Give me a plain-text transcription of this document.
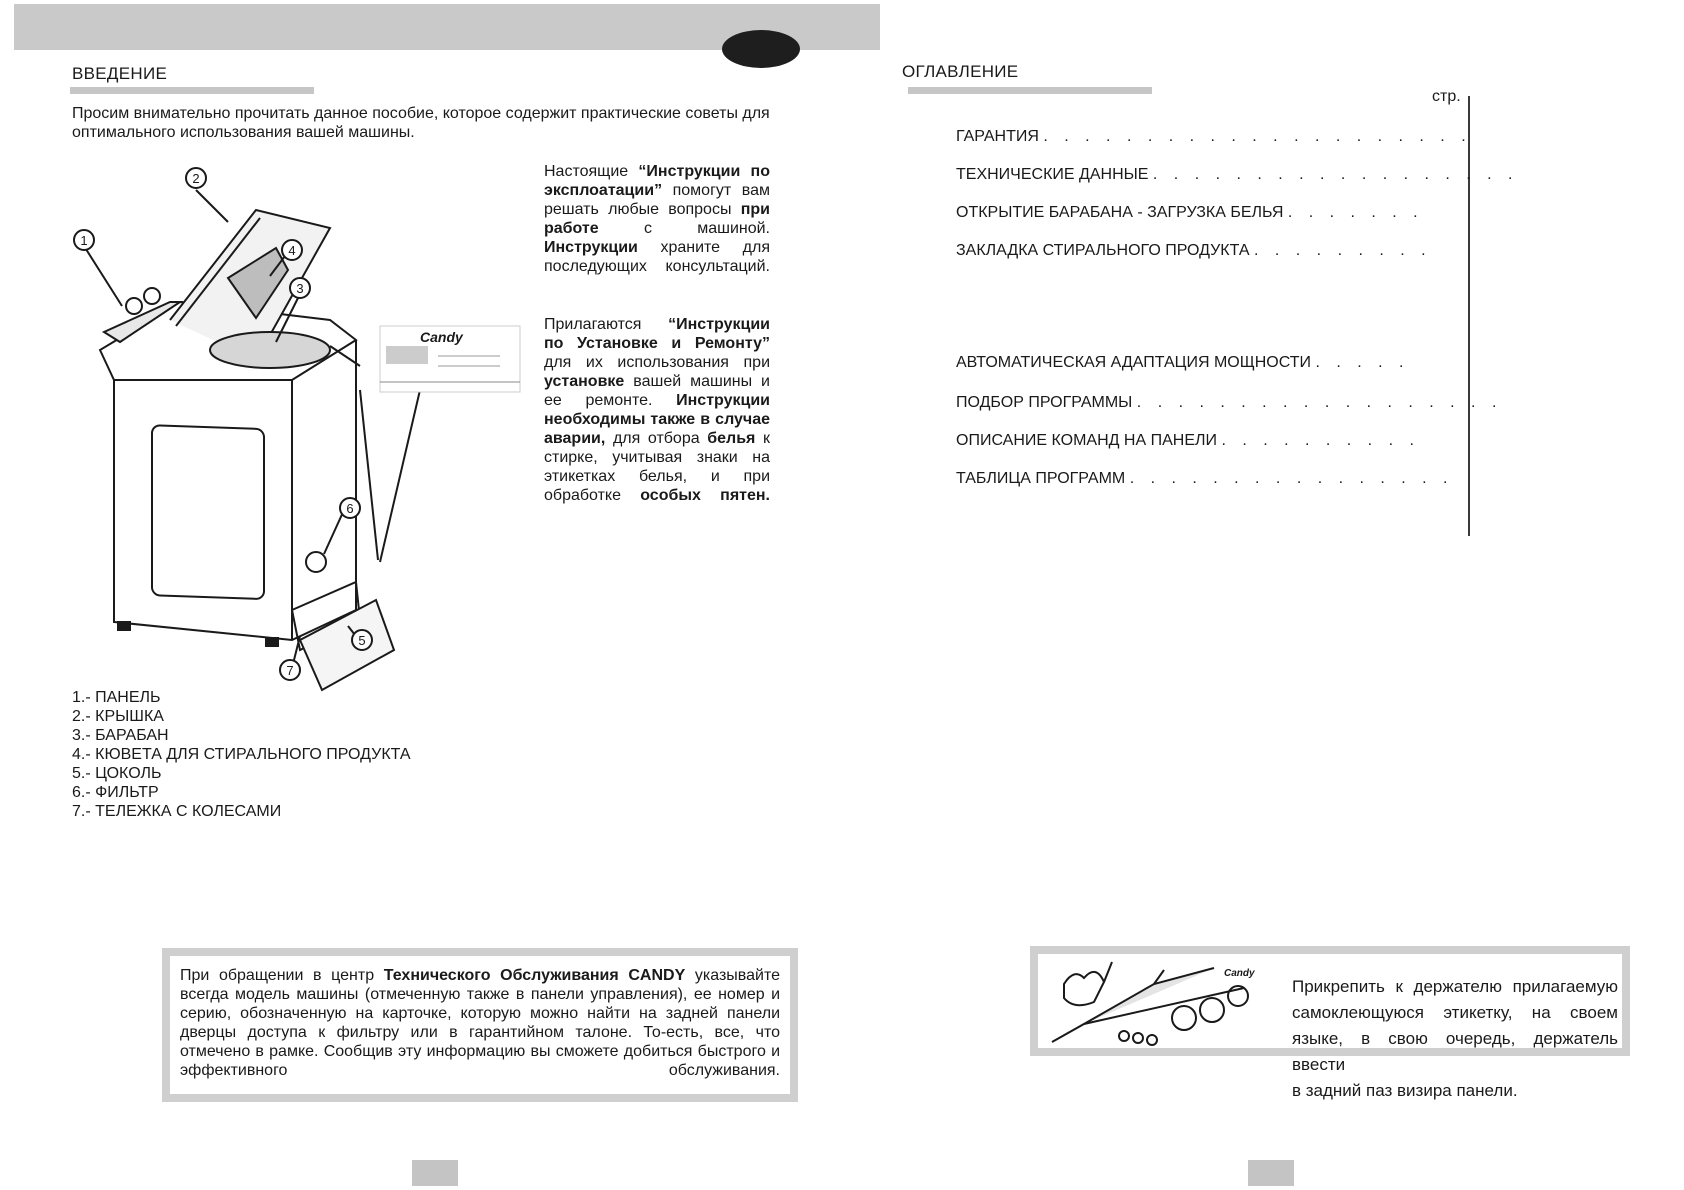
ВВЕДЕНИЕ
Просим внимательно прочитать данное пособие, которое содержит практические советы для оптимального использования вашей машины.
Настоящие “Инструкции по эксплоатации” помогут вам решать любые вопросы при работе	с машиной. Инструкции храните для последующих консультаций.
Прилагаются “Инструкции по Установке и Ремонту” для их использования при установке вашей машины и ее ремонте. Инструкции необходимы также в случае аварии, для отбора белья к стирке, учитывая знаки на этикетках белья, и при обработке особых пятен.
1
2
3
4
5
6
7
Candy
1.- ПАНЕЛЬ
2.- КРЫШКА
3.- БАРАБАН
4.- КЮВЕТА ДЛЯ СТИРАЛЬНОГО ПРОДУКТА
5.- ЦОКОЛЬ
6.- ФИЛЬТР
7.- ТЕЛЕЖКА С КОЛЕСАМИ
При обращении в центр Технического Обслуживания CANDY указывайте всегда модель машины (отмеченную также в панели управления), ее номер и серию, обозначенную на карточке, которую можно найти на задней панели дверцы доступа к фильтру или в гарантийном талоне. То-есть, все, что отмечено в рамке. Сообщив эту информацию вы сможете добиться быстрого и эффективного	обслуживания.
ОГЛАВЛЕНИЕ
стр.
ГАРАНТИЯ . . . . . . . . . . . . . . . . . . . . .
ТЕХНИЧЕСКИЕ ДАННЫЕ . . . . . . . . . . . . . . . . . .
ОТКРЫТИЕ БАРАБАНА - ЗАГРУЗКА БЕЛЬЯ . . . . . . .
ЗАКЛАДКА СТИРАЛЬНОГО ПРОДУКТА . . . . . . . . .
АВТОМАТИЧЕСКАЯ АДАПТАЦИЯ МОЩНОСТИ . . . . .
ПОДБОР ПРОГРАММЫ . . . . . . . . . . . . . . . . . .
ОПИСАНИЕ КОМАНД НА ПАНЕЛИ . . . . . . . . . .
ТАБЛИЦА ПРОГРАММ . . . . . . . . . . . . . . . .
Candy
Прикрепить к держателю прилагаемую
самоклеющуюся этикетку, на своем
языке, в свою очередь, держатель ввести
в задний паз визира панели.
